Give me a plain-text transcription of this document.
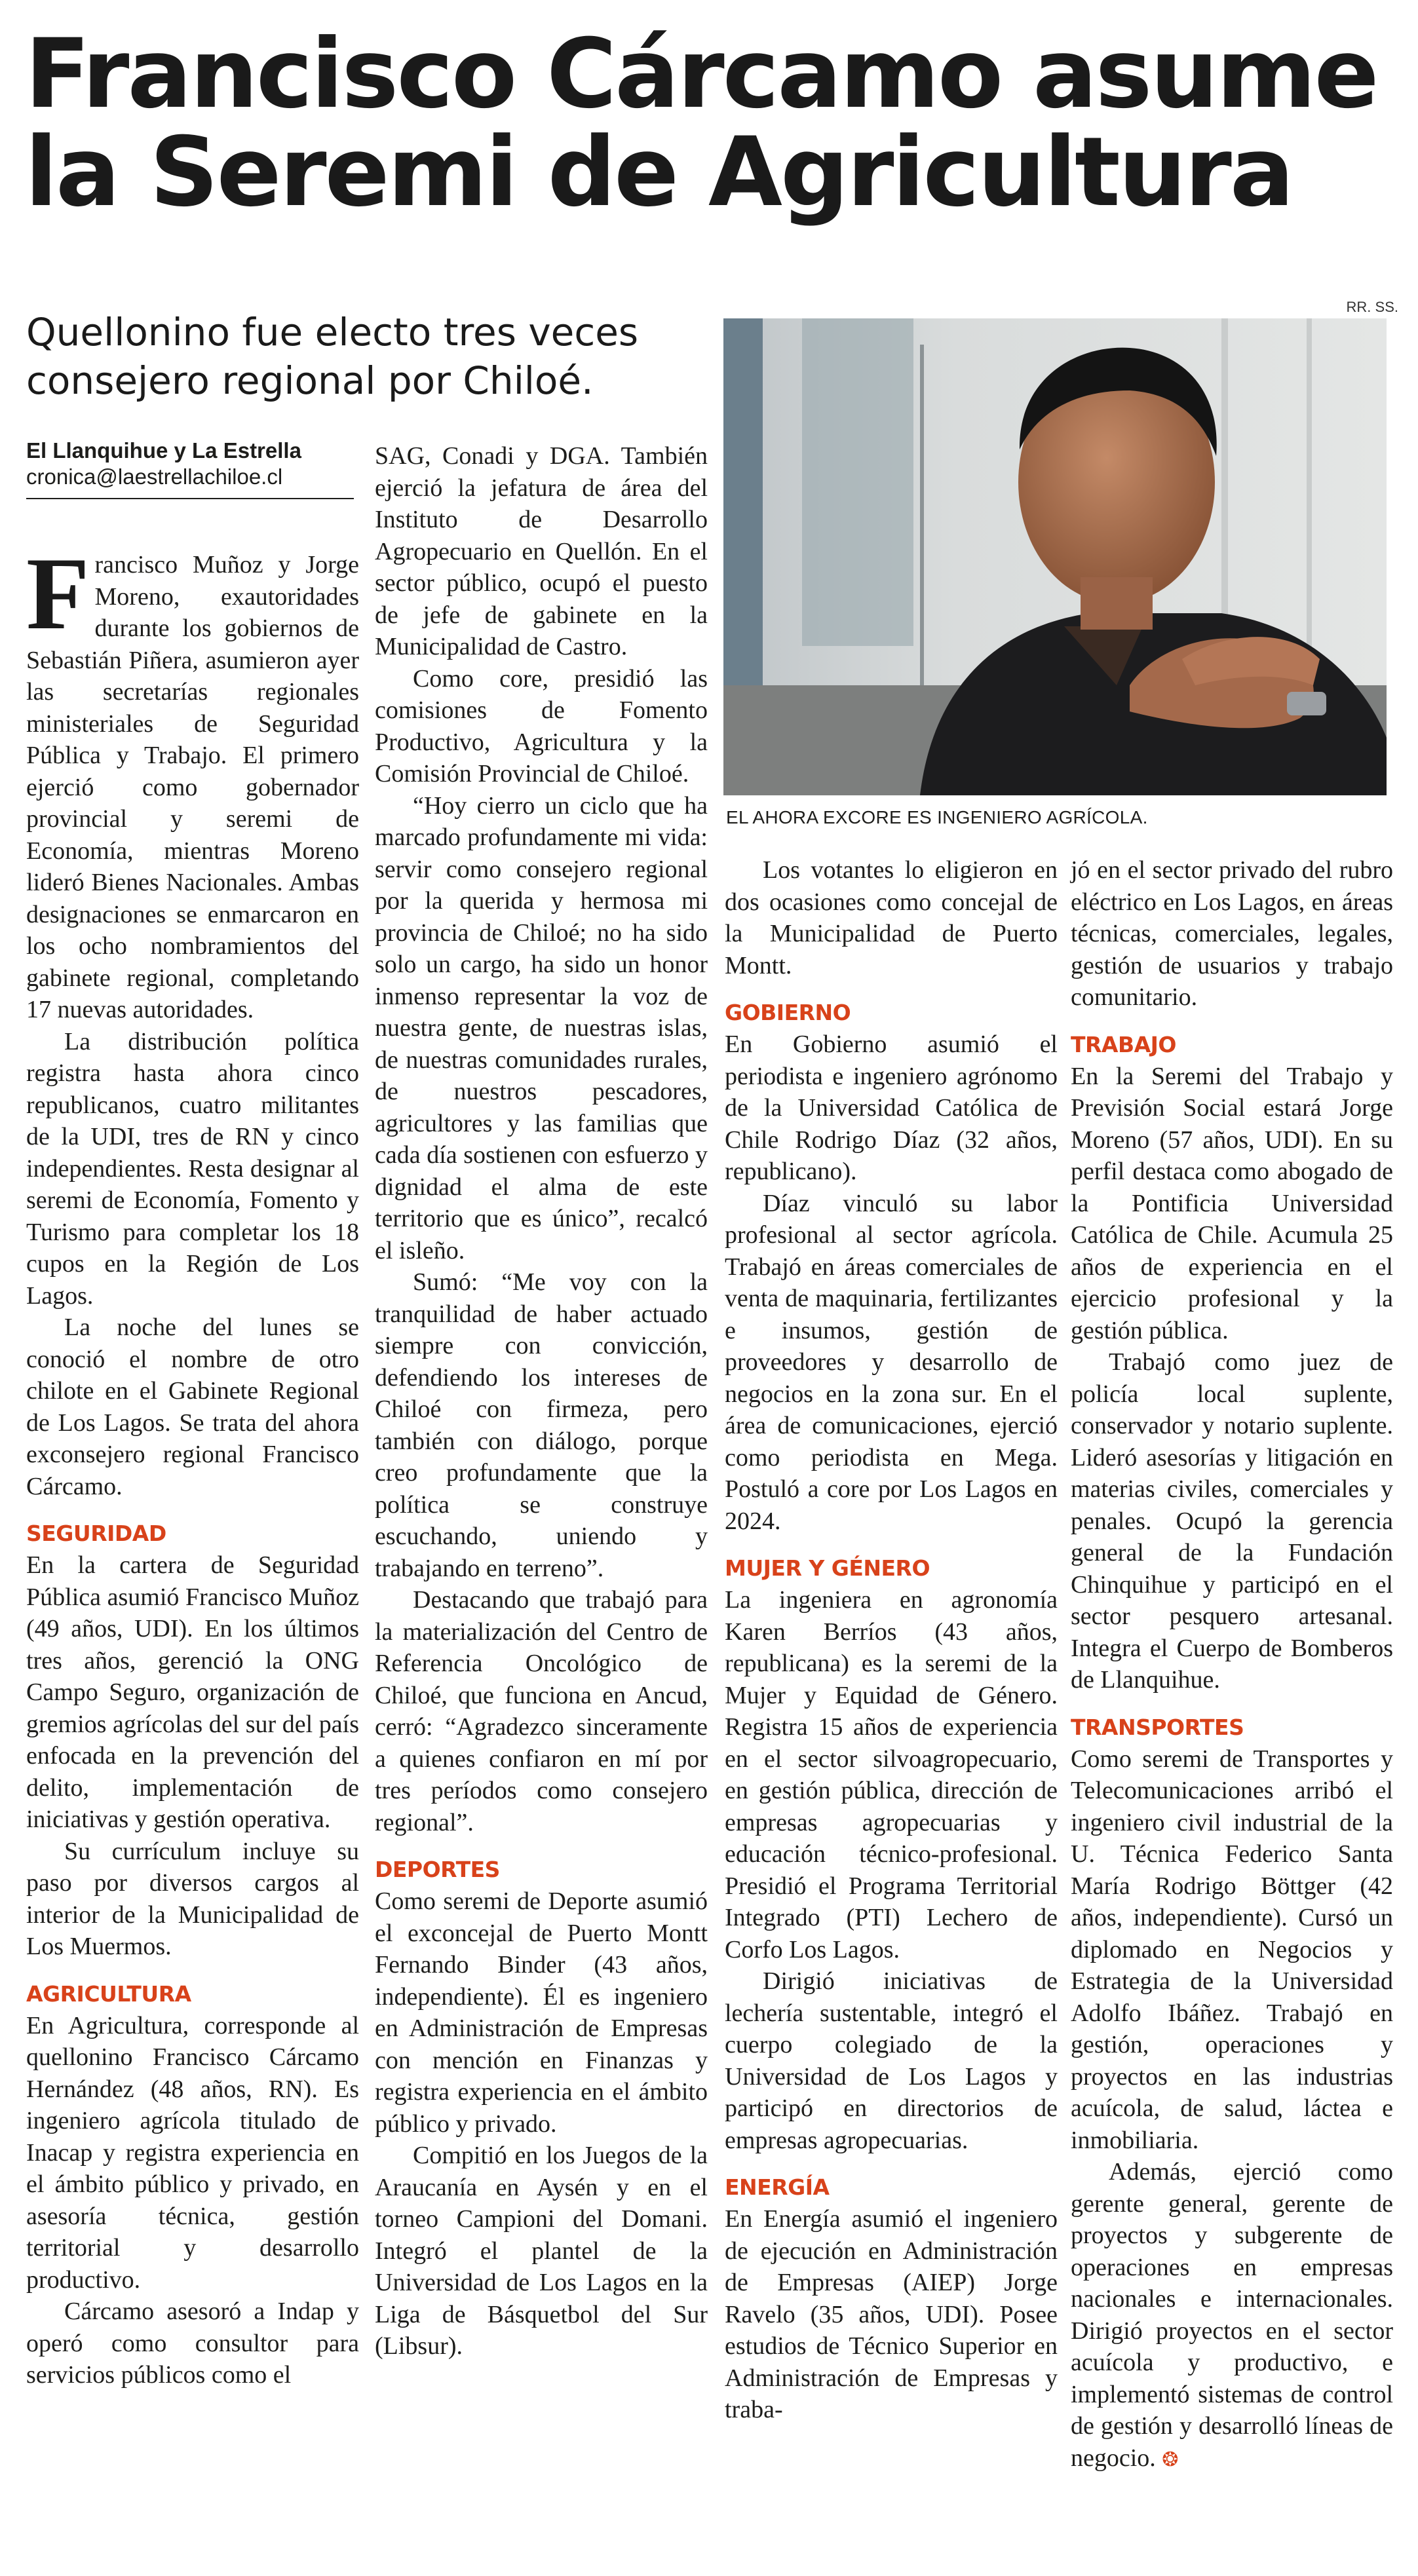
Francisco Cárcamo asume la Seremi de Agricultura

Quellonino fue electo tres veces consejero regional por Chiloé.

El Llanquihue y La Estrella
cronica@laestrellachiloe.cl
RR. SS.
EL AHORA EXCORE ES INGENIERO AGRÍCOLA.

Francisco Muñoz y Jorge Moreno, exautoridades durante los gobiernos de Sebastián Piñera, asumieron ayer las secretarías regionales ministeriales de Seguridad Pública y Trabajo. El primero ejerció como gobernador provincial y seremi de Economía, mientras Moreno lideró Bienes Nacionales. Ambas designaciones se enmarcaron en los ocho nombramientos del gabinete regional, completando 17 nuevas autoridades.

La distribución política registra hasta ahora cinco republicanos, cuatro militantes de la UDI, tres de RN y cinco independientes. Resta designar al seremi de Economía, Fomento y Turismo para completar los 18 cupos en la Región de Los Lagos.

La noche del lunes se conoció el nombre de otro chilote en el Gabinete Regional de Los Lagos. Se trata del ahora exconsejero regional Francisco Cárcamo.

SEGURIDAD

En la cartera de Seguridad Pública asumió Francisco Muñoz (49 años, UDI). En los últimos tres años, gerenció la ONG Campo Seguro, organización de gremios agrícolas del sur del país enfocada en la prevención del delito, implementación de iniciativas y gestión operativa.

Su currículum incluye su paso por diversos cargos al interior de la Municipalidad de Los Muermos.

AGRICULTURA

En Agricultura, corresponde al quellonino Francisco Cárcamo Hernández (48 años, RN). Es ingeniero agrícola titulado de Inacap y registra experiencia en el ámbito público y privado, en asesoría técnica, gestión territorial y desarrollo productivo.

Cárcamo asesoró a Indap y operó como consultor para servicios públicos como el

SAG, Conadi y DGA. También ejerció la jefatura de área del Instituto de Desarrollo Agropecuario en Quellón. En el sector público, ocupó el puesto de jefe de gabinete en la Municipalidad de Castro.

Como core, presidió las comisiones de Fomento Productivo, Agricultura y la Comisión Provincial de Chiloé.

“Hoy cierro un ciclo que ha marcado profundamente mi vida: servir como consejero regional por la querida y hermosa mi provincia de Chiloé; no ha sido solo un cargo, ha sido un honor inmenso representar la voz de nuestra gente, de nuestras islas, de nuestras comunidades rurales, de nuestros pescadores, agricultores y las familias que cada día sostienen con esfuerzo y dignidad el alma de este territorio que es único”, recalcó el isleño.

Sumó: “Me voy con la tranquilidad de haber actuado siempre con convicción, defendiendo los intereses de Chiloé con firmeza, pero también con diálogo, porque creo profundamente que la política se construye escuchando, uniendo y trabajando en terreno”.

Destacando que trabajó para la materialización del Centro de Referencia Oncológico de Chiloé, que funciona en Ancud, cerró: “Agradezco sinceramente a quienes confiaron en mí por tres períodos como consejero regional”.

DEPORTES

Como seremi de Deporte asumió el exconcejal de Puerto Montt Fernando Binder (43 años, independiente). Él es ingeniero en Administración de Empresas con mención en Finanzas y registra experiencia en el ámbito público y privado.

Compitió en los Juegos de la Araucanía en Aysén y en el torneo Campioni del Domani. Integró el plantel de la Universidad de Los Lagos en la Liga de Básquetbol del Sur (Libsur).

Los votantes lo eligieron en dos ocasiones como concejal de la Municipalidad de Puerto Montt.

GOBIERNO

En Gobierno asumió el periodista e ingeniero agrónomo de la Universidad Católica de Chile Rodrigo Díaz (32 años, republicano).

Díaz vinculó su labor profesional al sector agrícola. Trabajó en áreas comerciales de venta de maquinaria, fertilizantes e insumos, gestión de proveedores y desarrollo de negocios en la zona sur. En el área de comunicaciones, ejerció como periodista en Mega. Postuló a core por Los Lagos en 2024.

MUJER Y GÉNERO

La ingeniera en agronomía Karen Berríos (43 años, republicana) es la seremi de la Mujer y Equidad de Género. Registra 15 años de experiencia en el sector silvoagropecuario, en gestión pública, dirección de empresas agropecuarias y educación técnico-profesional. Presidió el Programa Territorial Integrado (PTI) Lechero de Corfo Los Lagos.

Dirigió iniciativas de lechería sustentable, integró el cuerpo colegiado de la Universidad de Los Lagos y participó en directorios de empresas agropecuarias.

ENERGÍA

En Energía asumió el ingeniero de ejecución en Administración de Empresas (AIEP) Jorge Ravelo (35 años, UDI). Posee estudios de Técnico Superior en Administración de Empresas y traba-

jó en el sector privado del rubro eléctrico en Los Lagos, en áreas técnicas, comerciales, legales, gestión de usuarios y trabajo comunitario.

TRABAJO

En la Seremi del Trabajo y Previsión Social estará Jorge Moreno (57 años, UDI). En su perfil destaca como abogado de la Pontificia Universidad Católica de Chile. Acumula 25 años de experiencia en el ejercicio profesional y la gestión pública.

Trabajó como juez de policía local suplente, conservador y notario suplente. Lideró asesorías y litigación en materias civiles, comerciales y penales. Ocupó la gerencia general de la Fundación Chinquihue y participó en el sector pesquero artesanal. Integra el Cuerpo de Bomberos de Llanquihue.

TRANSPORTES

Como seremi de Transportes y Telecomunicaciones arribó el ingeniero civil industrial de la U. Técnica Federico Santa María Rodrigo Böttger (42 años, independiente). Cursó un diplomado en Negocios y Estrategia de la Universidad Adolfo Ibáñez. Trabajó en gestión, operaciones y proyectos en las industrias acuícola, de salud, láctea e inmobiliaria.

Además, ejerció como gerente general, gerente de proyectos y subgerente de operaciones en empresas nacionales e internacionales. Dirigió proyectos en el sector acuícola y productivo, e implementó sistemas de control de gestión y desarrolló líneas de negocio. ❂
